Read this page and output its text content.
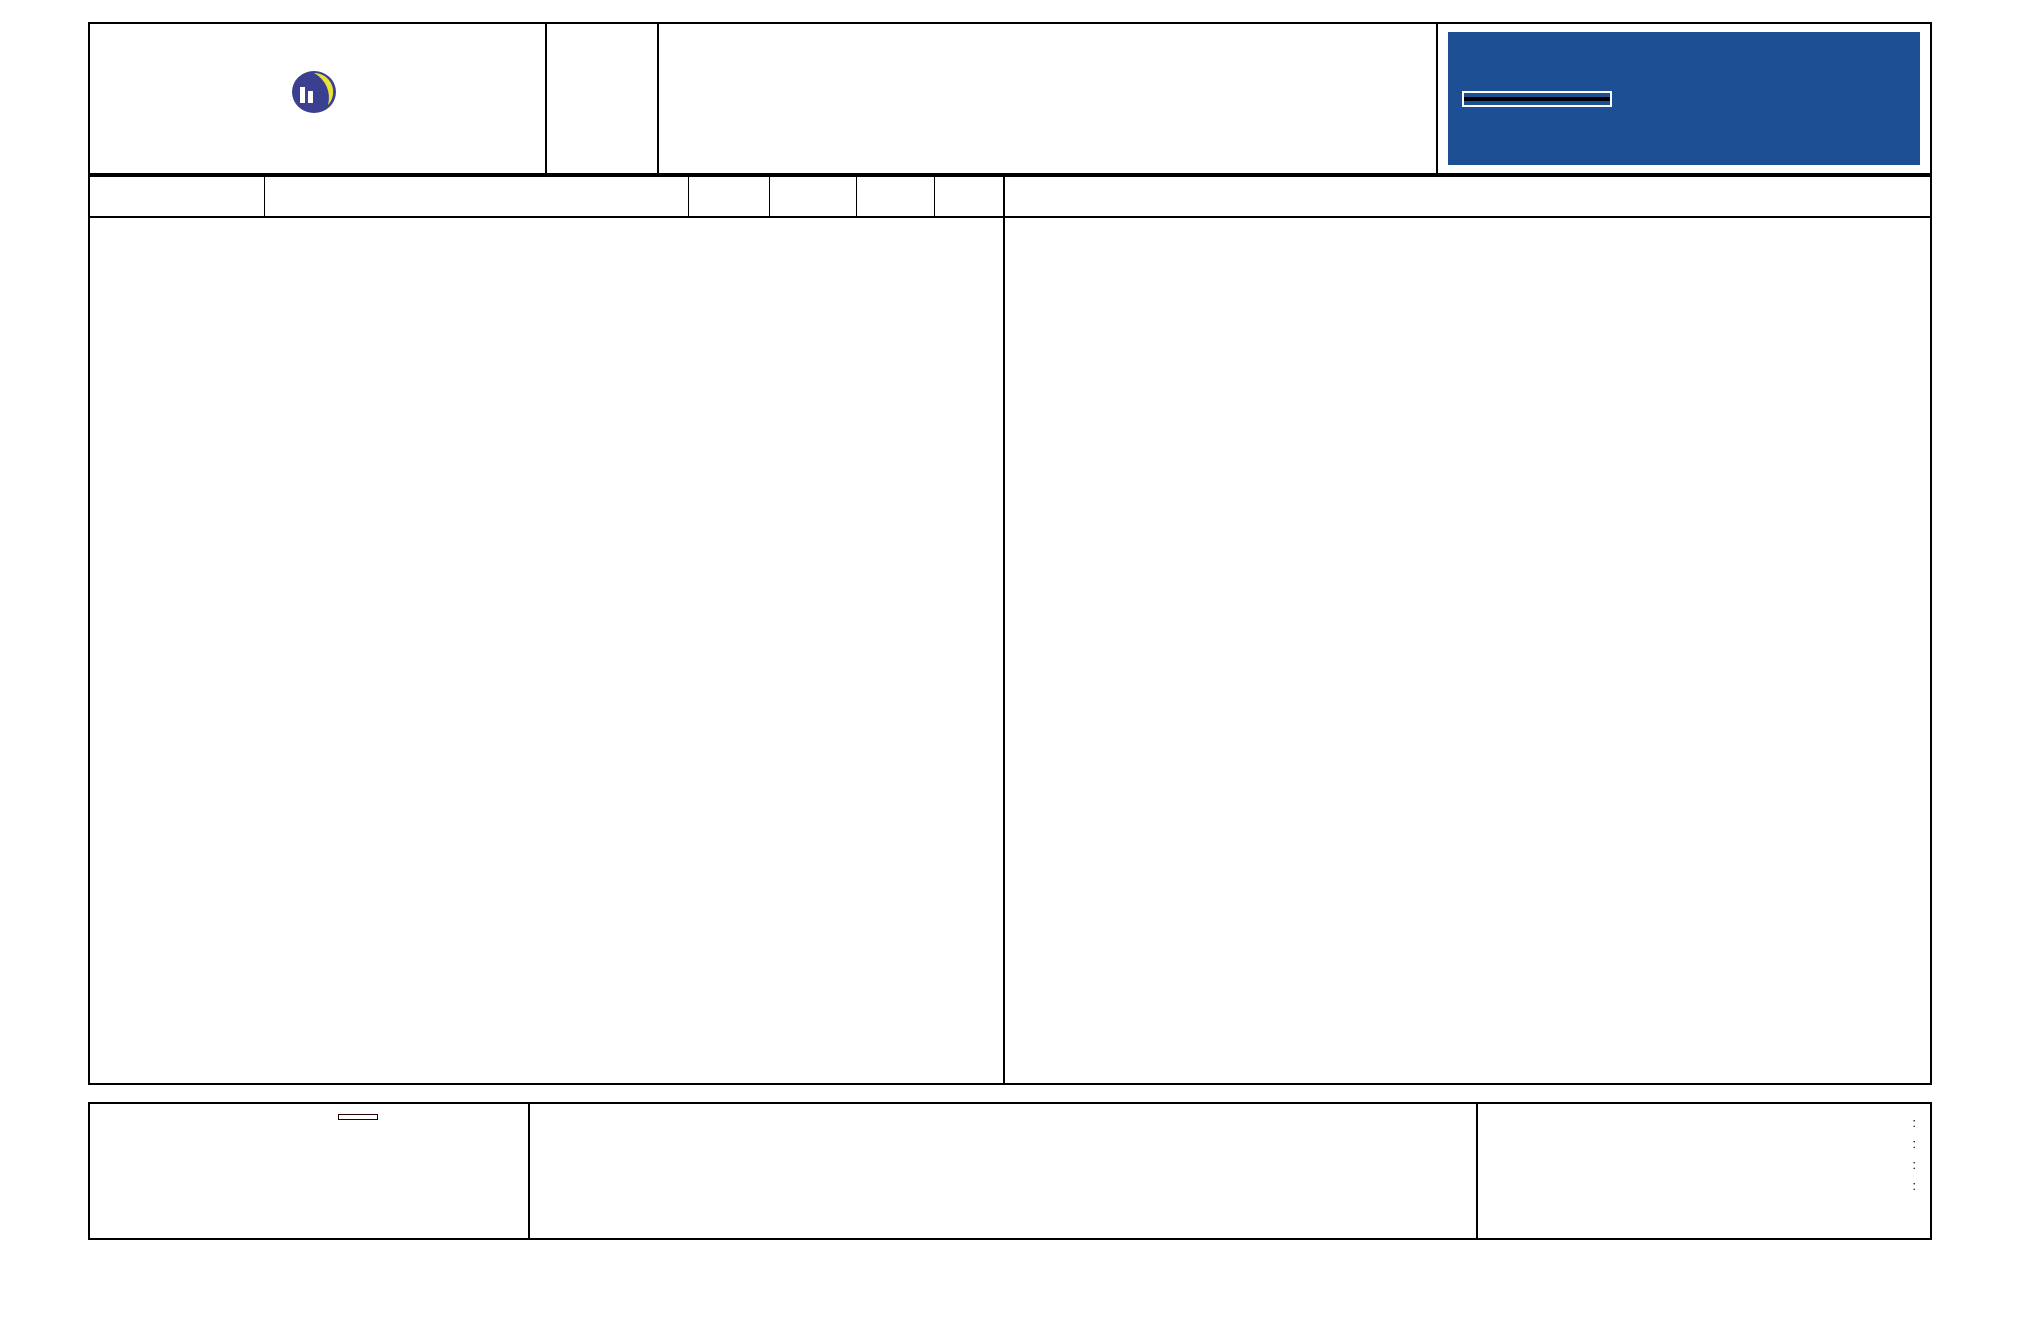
:
:
:
:
